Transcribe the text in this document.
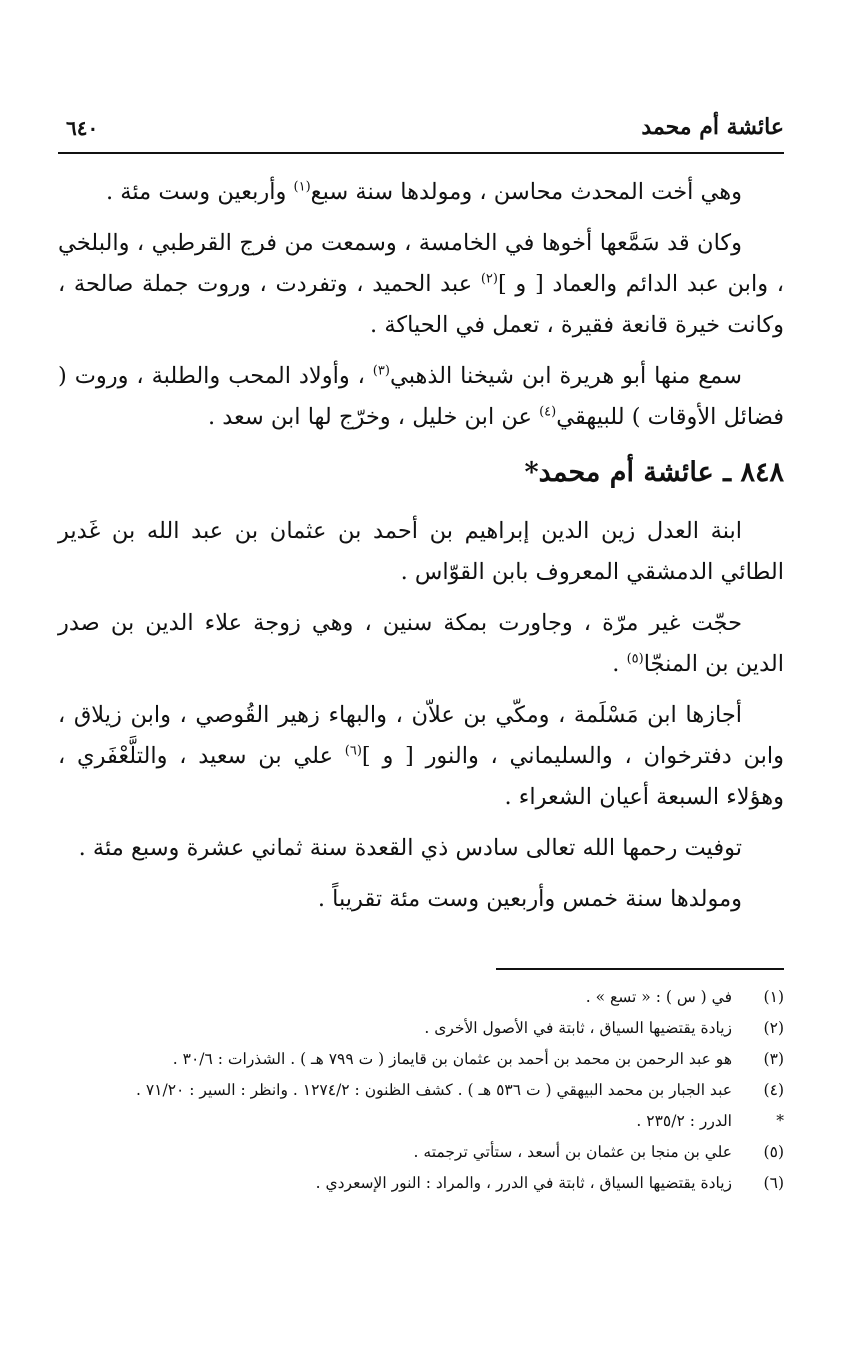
عائشة أم محمد
٦٤٠

وهي أخت المحدث محاسن ، ومولدها سنة سبع$^{(١)}$ وأربعين وست مئة .

وكان قد سَمَّعها أخوها في الخامسة ، وسمعت من فرج القرطبي ، والبلخي ، وابن عبد الدائم والعماد [ و ]$^{(٢)}$ عبد الحميد ، وتفردت ، وروت جملة صالحة ، وكانت خيرة قانعة فقيرة ، تعمل في الحياكة .

سمع منها أبو هريرة ابن شيخنا الذهبي$^{(٣)}$ ، وأولاد المحب والطلبة ، وروت ( فضائل الأوقات ) للبيهقي$^{(٤)}$ عن ابن خليل ، وخرّج لها ابن سعد .

٨٤٨ ـ عائشة أم محمد*

ابنة العدل زين الدين إبراهيم بن أحمد بن عثمان بن عبد الله بن غَدير الطائي الدمشقي المعروف بابن القوّاس .

حجّت غير مرّة ، وجاورت بمكة سنين ، وهي زوجة علاء الدين بن صدر الدين بن المنجّا$^{(٥)}$ .

أجازها ابن مَسْلَمة ، ومكّي بن علاّن ، والبهاء زهير القُوصي ، وابن زيلاق ، وابن دفترخوان ، والسليماني ، والنور [ و ]$^{(٦)}$ علي بن سعيد ، والتلَّعْفَري ، وهؤلاء السبعة أعيان الشعراء .

توفيت رحمها الله تعالى سادس ذي القعدة سنة ثماني عشرة وسبع مئة .

ومولدها سنة خمس وأربعين وست مئة تقريباً .

(١)
في ( س ) : « تسع » .
(٢)
زيادة يقتضيها السياق ، ثابتة في الأصول الأخرى .
(٣)
هو عبد الرحمن بن محمد بن أحمد بن عثمان بن قايماز ( ت ٧٩٩ هـ ) . الشذرات : ٣٠/٦ .
(٤)
عبد الجبار بن محمد البيهقي ( ت ٥٣٦ هـ ) . كشف الظنون : ١٢٧٤/٢ . وانظر : السير : ٧١/٢٠ .
*
الدرر : ٢٣٥/٢ .
(٥)
علي بن منجا بن عثمان بن أسعد ، ستأتي ترجمته .
(٦)
زيادة يقتضيها السياق ، ثابتة في الدرر ، والمراد : النور الإسعردي .
